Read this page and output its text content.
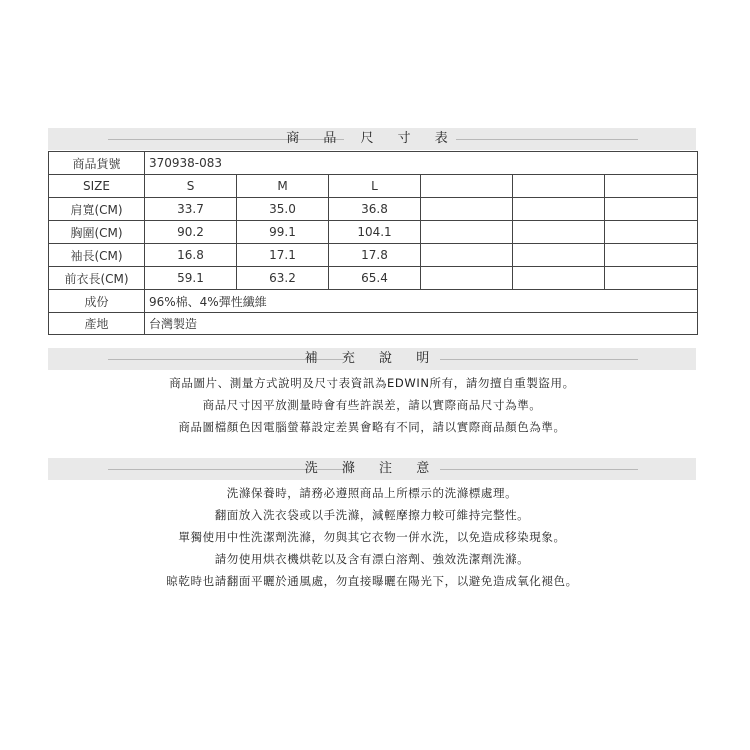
商 品 尺 寸 表
商品貨號	370938-083					
SIZE	S	M	L			
肩寬(CM)	33.7	35.0	36.8			
胸圍(CM)	90.2	99.1	104.1			
袖長(CM)	16.8	17.1	17.8			
前衣長(CM)	59.1	63.2	65.4			
成份	96%棉、4%彈性纖維					
產地	台灣製造					
補 充 說 明
商品圖片、測量方式說明及尺寸表資訊為EDWIN所有，請勿擅自重製盜用。
商品尺寸因平放測量時會有些許誤差，請以實際商品尺寸為準。
商品圖檔顏色因電腦螢幕設定差異會略有不同，請以實際商品顏色為準。
洗 滌 注 意
洗滌保養時，請務必遵照商品上所標示的洗滌標處理。
翻面放入洗衣袋或以手洗滌，減輕摩擦力較可維持完整性。
單獨使用中性洗潔劑洗滌，勿與其它衣物一併水洗，以免造成移染現象。
請勿使用烘衣機烘乾以及含有漂白溶劑、強效洗潔劑洗滌。
晾乾時也請翻面平曬於通風處，勿直接曝曬在陽光下，以避免造成氧化褪色。
